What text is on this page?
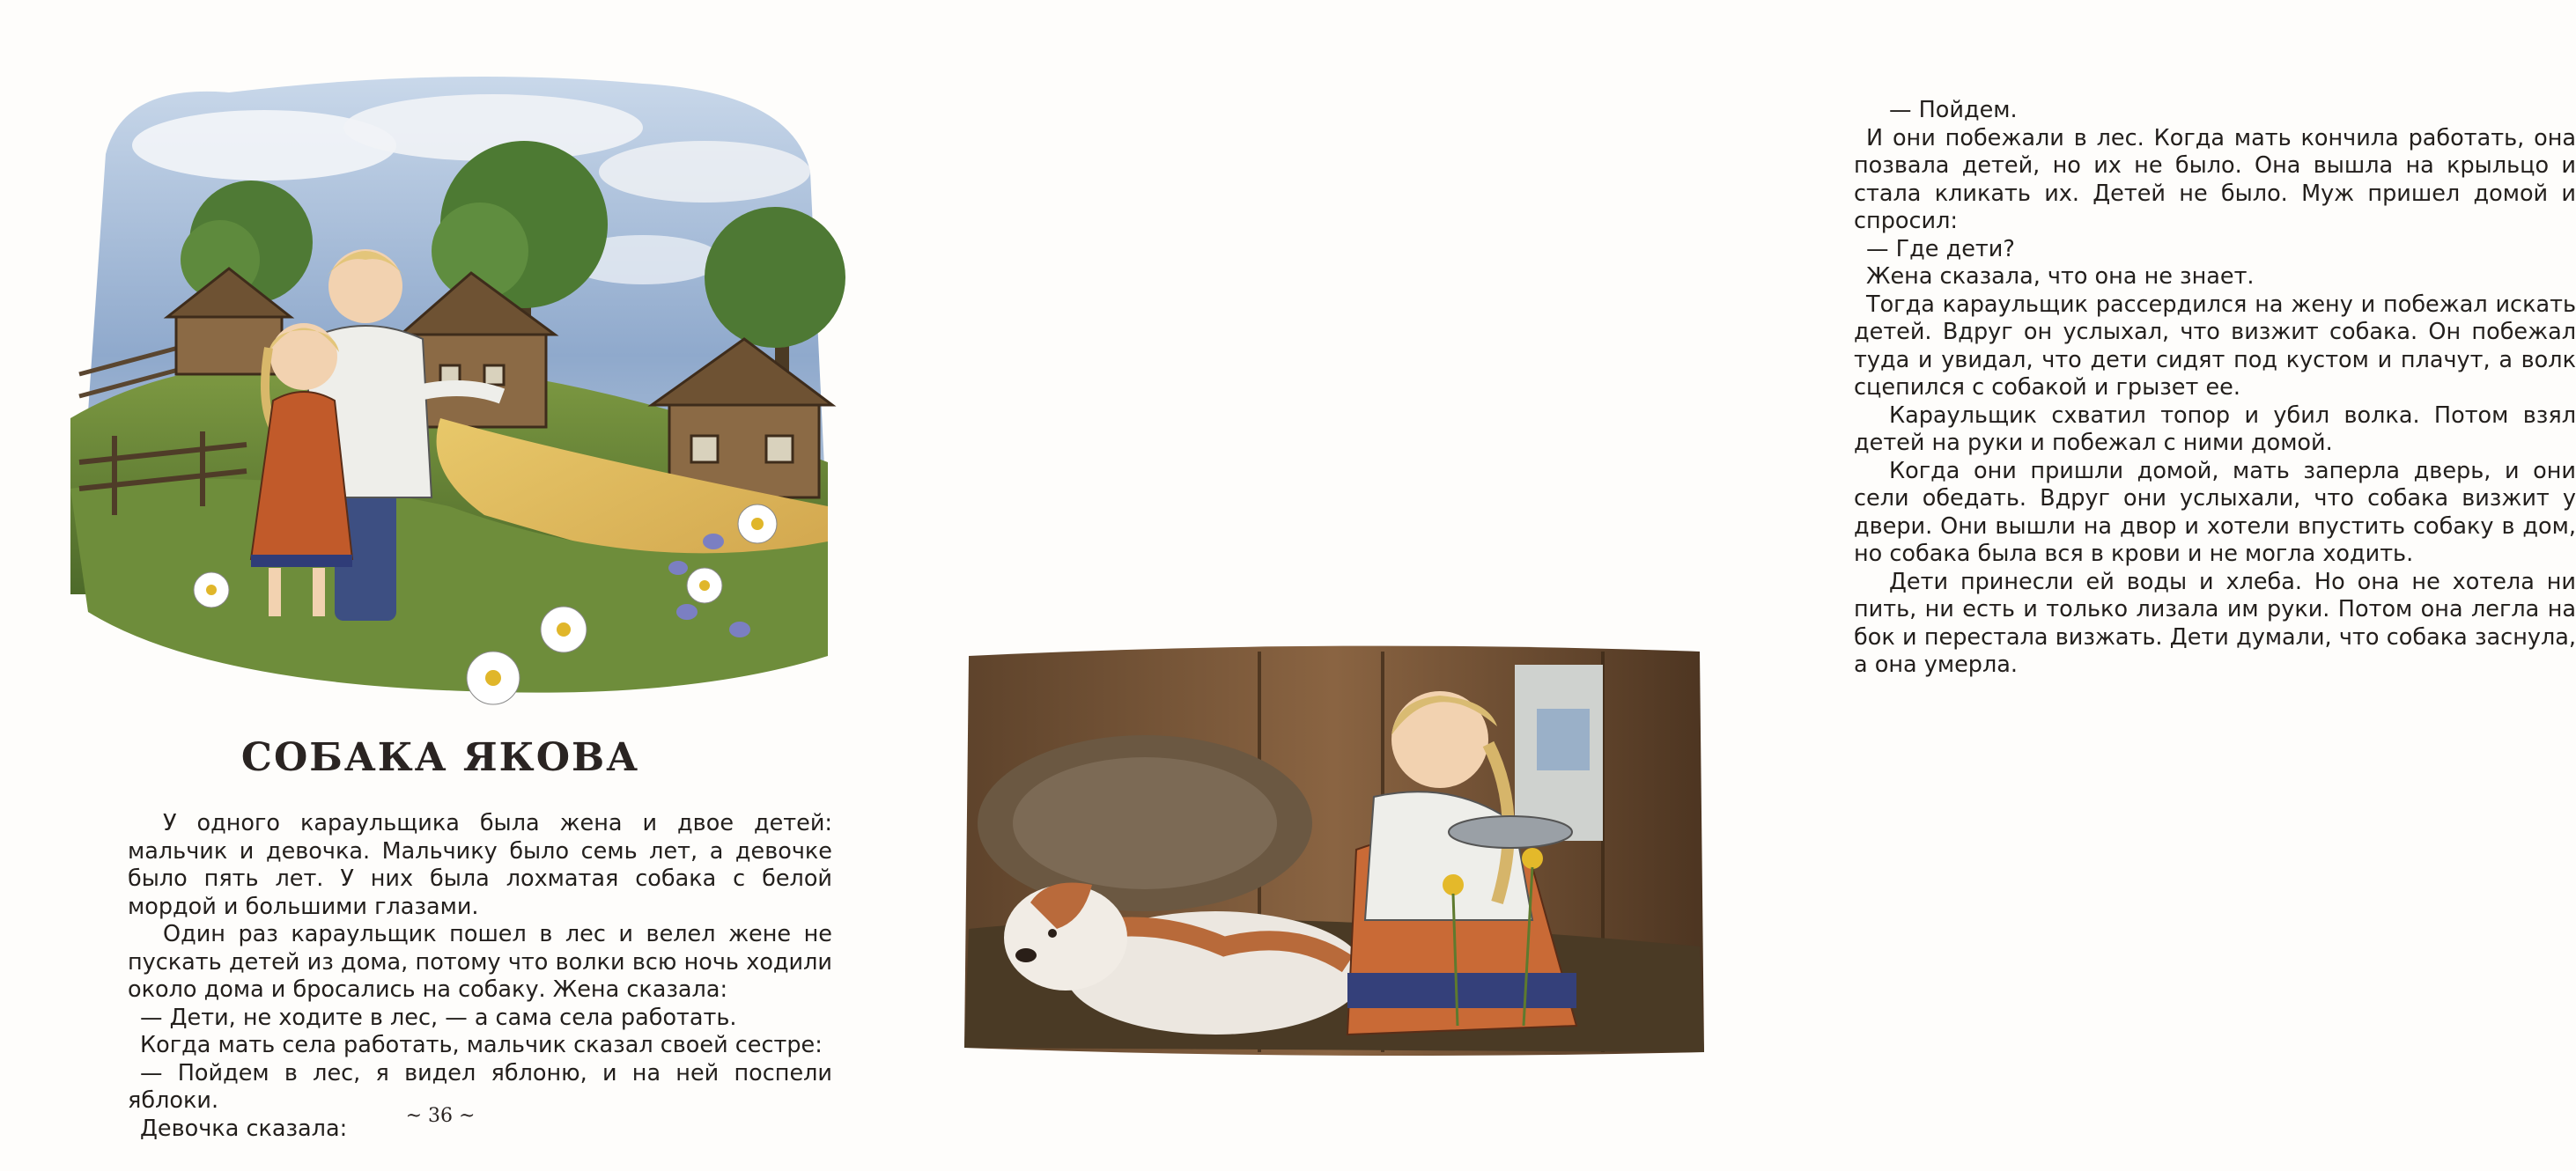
СОБАКА ЯКОВА

У одного караульщика была жена и двое детей: мальчик и девочка. Мальчику было семь лет, а девочке было пять лет. У них была лохматая собака с белой мордой и большими глазами.

Один раз караульщик пошел в лес и велел жене не пускать детей из дома, потому что волки всю ночь ходили около дома и бросались на собаку. Жена сказала:

— Дети, не ходите в лес, — а сама села работать.

Когда мать села работать, мальчик сказал своей сестре:

— Пойдем в лес, я видел яблоню, и на ней поспели яблоки.

Девочка сказала:	~ 36 ~

— Пойдем.

И они побежали в лес. Когда мать кончила работать, она позвала детей, но их не было. Она вышла на крыльцо и стала кликать их. Детей не было. Муж пришел домой и спросил:

— Где дети?

Жена сказала, что она не знает.

Тогда караульщик рассердился на жену и побежал искать детей. Вдруг он услыхал, что визжит собака. Он побежал туда и увидал, что дети сидят под кустом и плачут, а волк сцепился с собакой и грызет ее.

Караульщик схватил топор и убил волка. Потом взял детей на руки и побежал с ними домой.

Когда они пришли домой, мать заперла дверь, и они сели обедать. Вдруг они услыхали, что собака визжит у двери. Они вышли на двор и хотели впустить собаку в дом, но собака была вся в крови и не могла ходить.

Дети принесли ей воды и хлеба. Но она не хотела ни пить, ни есть и только лизала им руки. Потом она легла на бок и перестала визжать. Дети думали, что собака заснула, а она умерла.
